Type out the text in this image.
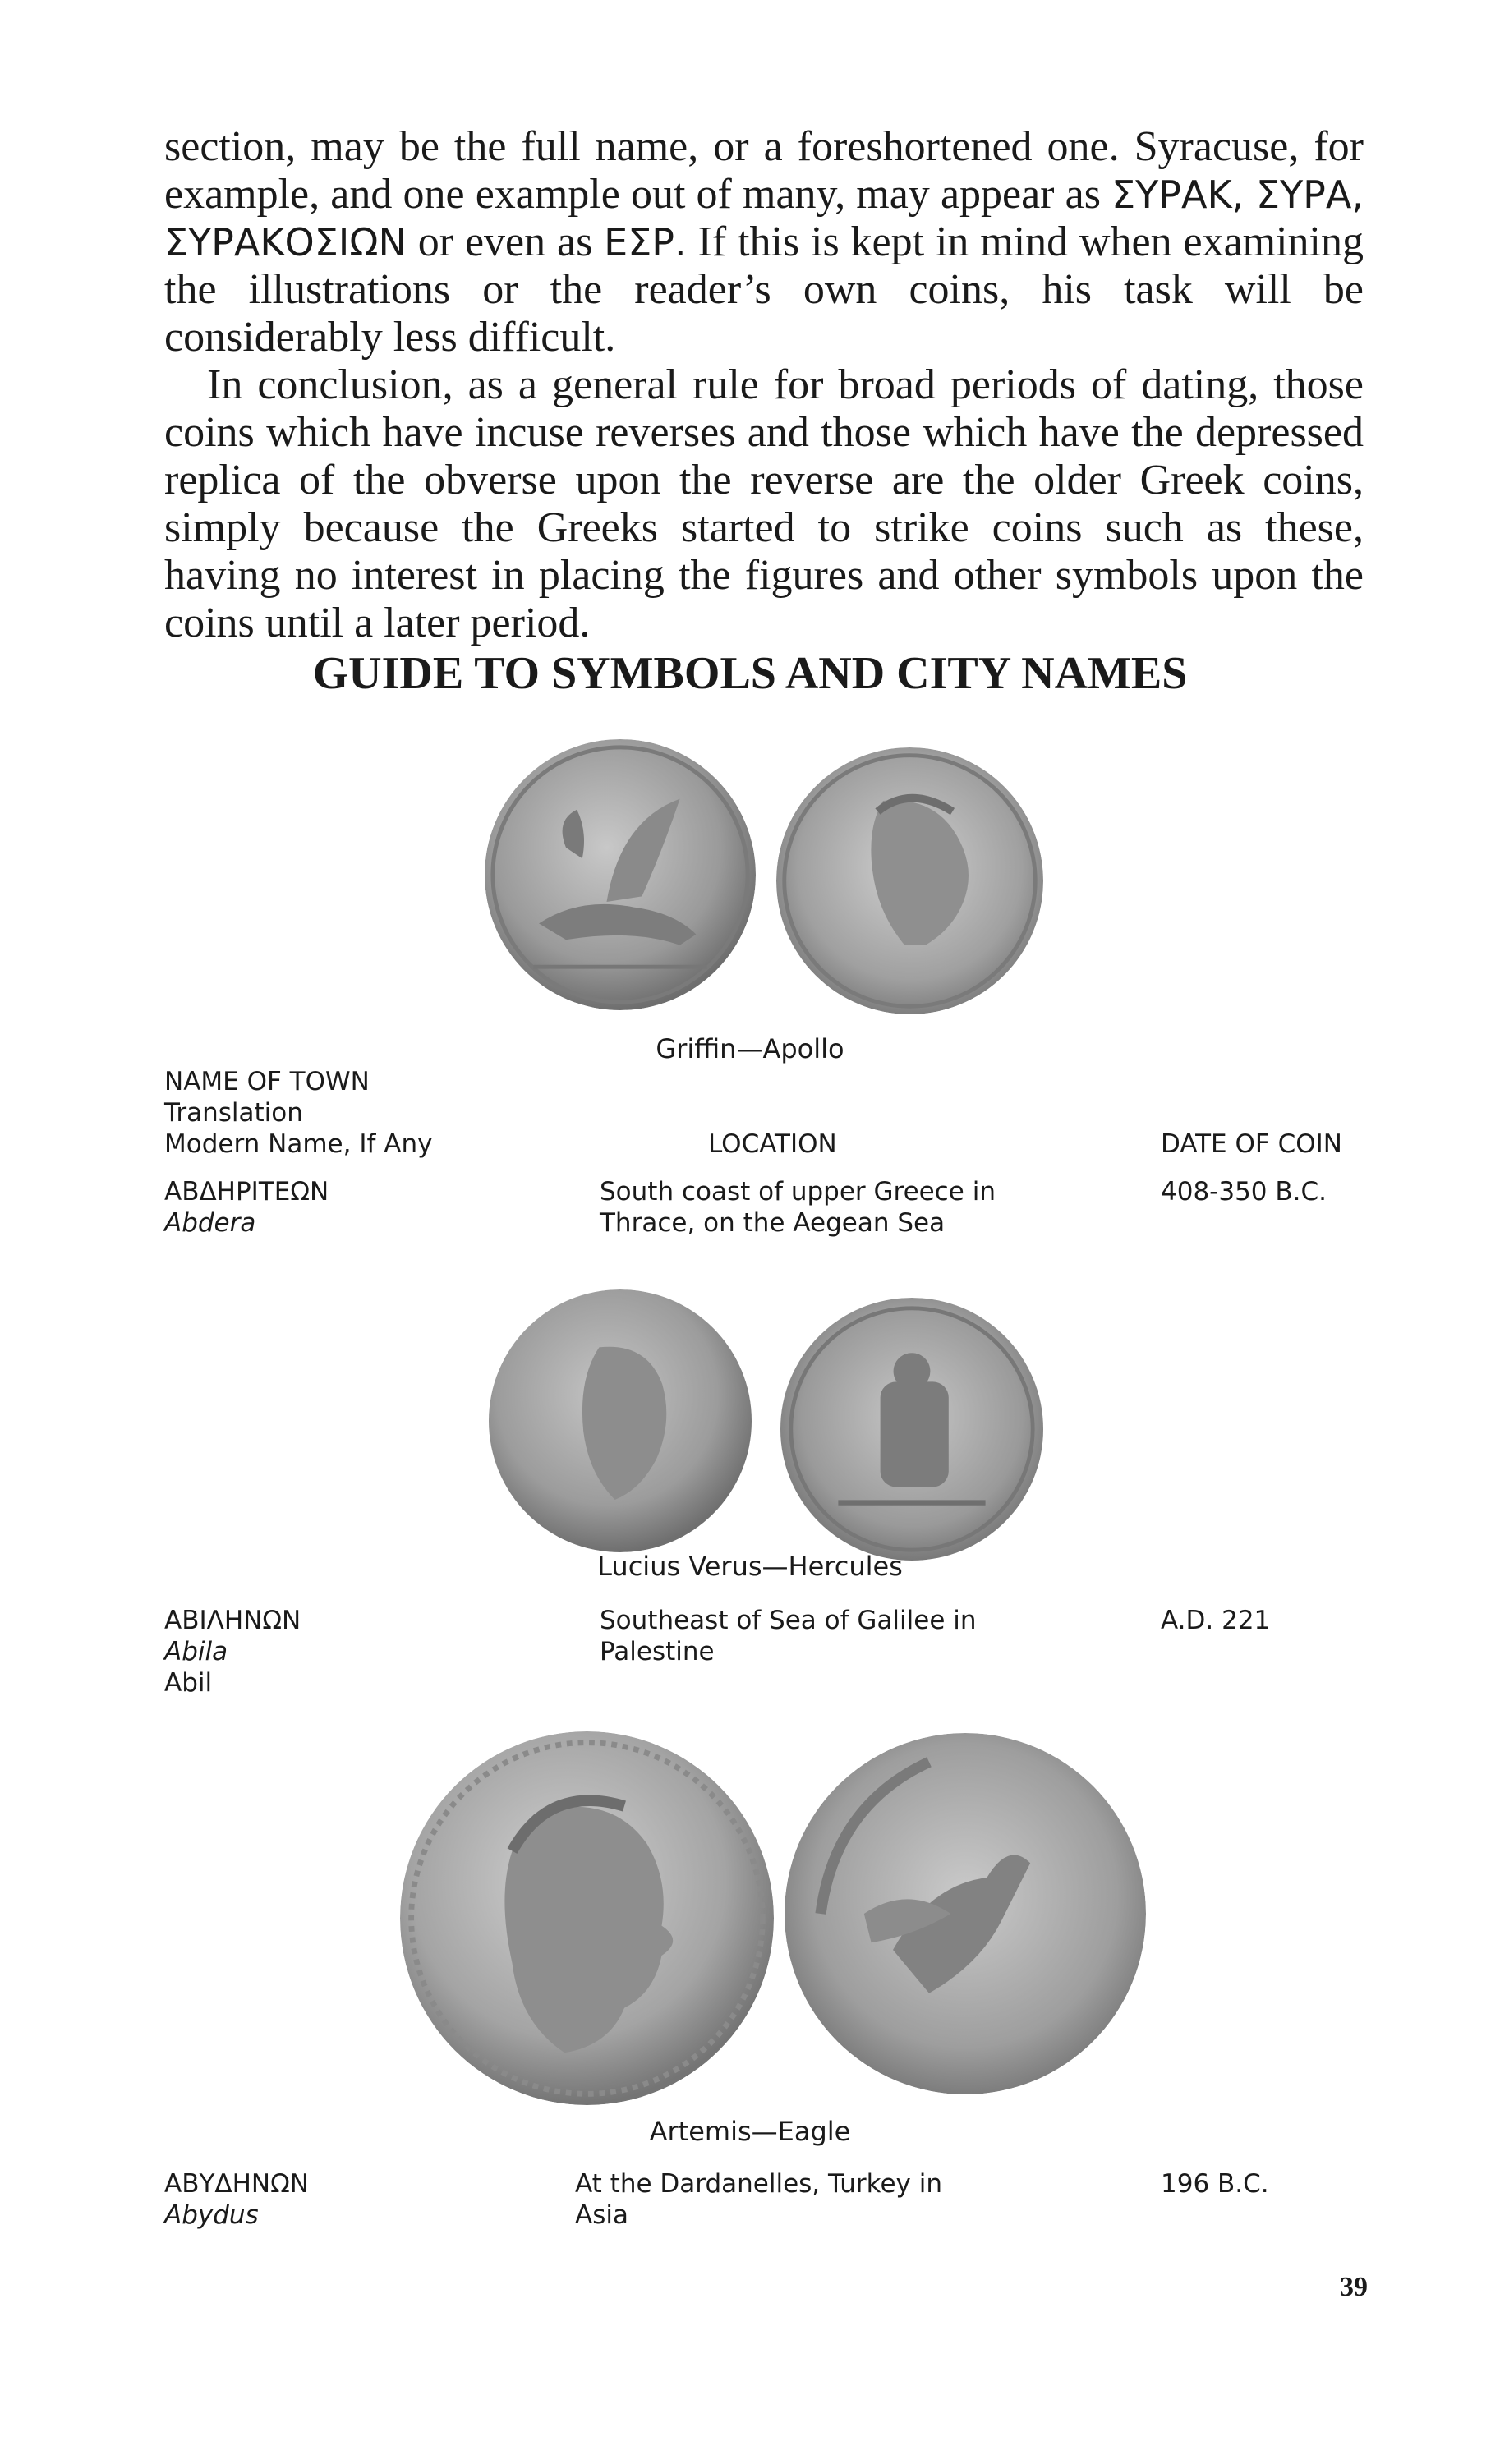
section, may be the full name, or a foreshortened one. Syracuse, for example, and one example out of many, may appear as ΣΥΡΑΚ, ΣΥΡΑ, ΣΥΡΑΚΟΣΙΩΝ or even as ΕΣΡ. If this is kept in mind when examining the illustrations or the reader’s own coins, his task will be considerably less difficult.

In conclusion, as a general rule for broad periods of dating, those coins which have incuse reverses and those which have the depressed replica of the obverse upon the reverse are the older Greek coins, simply because the Greeks started to strike coins such as these, having no interest in placing the figures and other symbols upon the coins until a later period.

GUIDE TO SYMBOLS AND CITY NAMES

Griffin—Apollo

NAME OF TOWN
Translation
Modern Name, If Any	LOCATION	DATE OF COIN
ΑΒΔΗΡΙΤΕΩΝ
Abdera
South coast of upper Greece in
Thrace, on the Aegean Sea
408-350 B.C.

Lucius Verus—Hercules

ΑΒΙΛΗΝΩΝ
Abila
Abil
Southeast of Sea of Galilee in
Palestine
A.D. 221

Artemis—Eagle

ΑΒΥΔΗΝΩΝ
Abydus
At the Dardanelles, Turkey in
Asia
196 B.C.

39
